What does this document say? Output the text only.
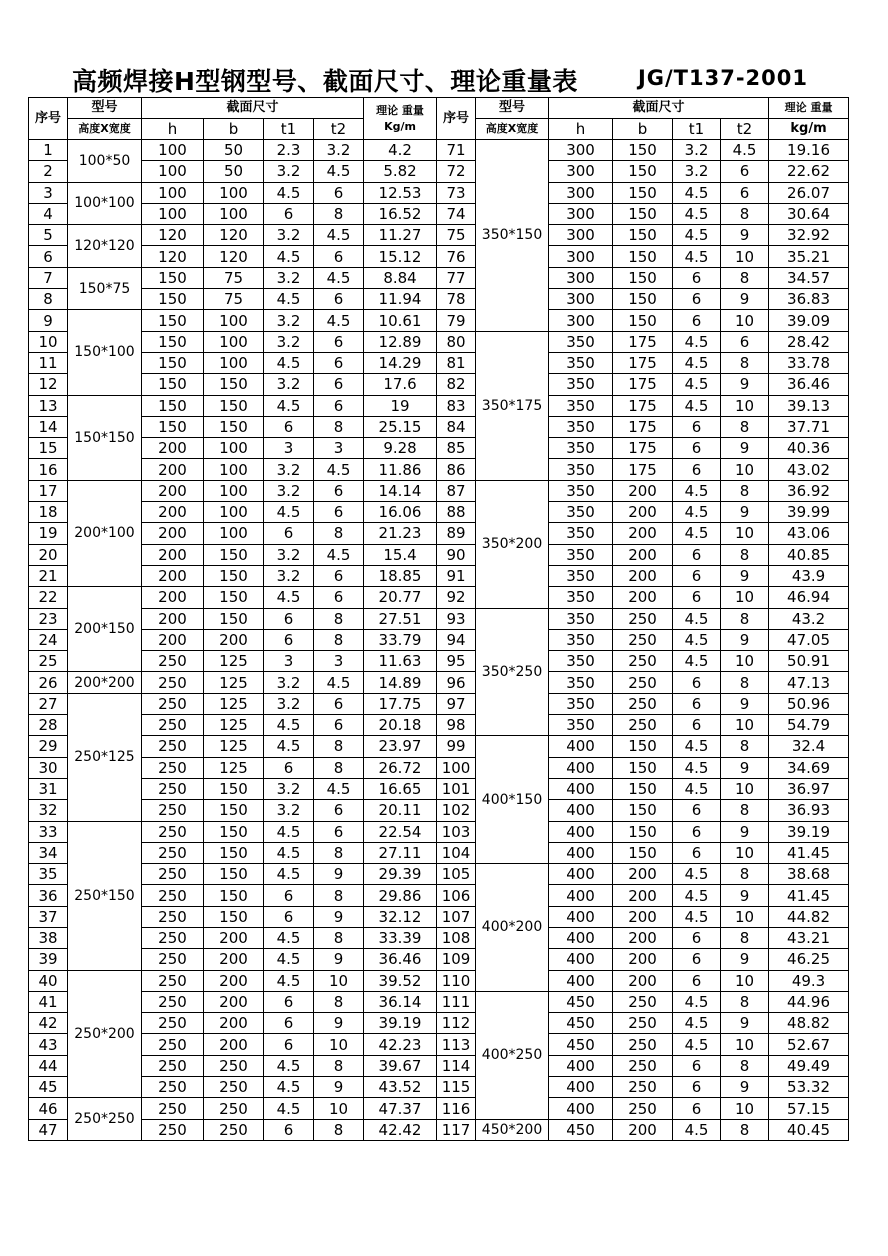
高频焊接H型钢型号、截面尺寸、理论重量表	JG/T137-2001
序号	型号	截面尺寸				理论 重量Kg/m	序号	型号	截面尺寸				理论 重量
	高度X宽度	h	b	t1	t2			高度X宽度	h	b	t1	t2	kg/m
1	100*50	100	50	2.3	3.2	4.2	71	350*150	300	150	3.2	4.5	19.16
2		100	50	3.2	4.5	5.82	72		300	150	3.2	6	22.62
3	100*100	100	100	4.5	6	12.53	73		300	150	4.5	6	26.07
4		100	100	6	8	16.52	74		300	150	4.5	8	30.64
5	120*120	120	120	3.2	4.5	11.27	75		300	150	4.5	9	32.92
6		120	120	4.5	6	15.12	76		300	150	4.5	10	35.21
7	150*75	150	75	3.2	4.5	8.84	77		300	150	6	8	34.57
8		150	75	4.5	6	11.94	78		300	150	6	9	36.83
9	150*100	150	100	3.2	4.5	10.61	79		300	150	6	10	39.09
10		150	100	3.2	6	12.89	80	350*175	350	175	4.5	6	28.42
11		150	100	4.5	6	14.29	81		350	175	4.5	8	33.78
12		150	150	3.2	6	17.6	82		350	175	4.5	9	36.46
13	150*150	150	150	4.5	6	19	83		350	175	4.5	10	39.13
14		150	150	6	8	25.15	84		350	175	6	8	37.71
15		200	100	3	3	9.28	85		350	175	6	9	40.36
16		200	100	3.2	4.5	11.86	86		350	175	6	10	43.02
17	200*100	200	100	3.2	6	14.14	87	350*200	350	200	4.5	8	36.92
18		200	100	4.5	6	16.06	88		350	200	4.5	9	39.99
19		200	100	6	8	21.23	89		350	200	4.5	10	43.06
20		200	150	3.2	4.5	15.4	90		350	200	6	8	40.85
21		200	150	3.2	6	18.85	91		350	200	6	9	43.9
22	200*150	200	150	4.5	6	20.77	92		350	200	6	10	46.94
23		200	150	6	8	27.51	93	350*250	350	250	4.5	8	43.2
24		200	200	6	8	33.79	94		350	250	4.5	9	47.05
25		250	125	3	3	11.63	95		350	250	4.5	10	50.91
26	200*200	250	125	3.2	4.5	14.89	96		350	250	6	8	47.13
27	250*125	250	125	3.2	6	17.75	97		350	250	6	9	50.96
28		250	125	4.5	6	20.18	98		350	250	6	10	54.79
29		250	125	4.5	8	23.97	99	400*150	400	150	4.5	8	32.4
30		250	125	6	8	26.72	100		400	150	4.5	9	34.69
31		250	150	3.2	4.5	16.65	101		400	150	4.5	10	36.97
32		250	150	3.2	6	20.11	102		400	150	6	8	36.93
33	250*150	250	150	4.5	6	22.54	103		400	150	6	9	39.19
34		250	150	4.5	8	27.11	104		400	150	6	10	41.45
35		250	150	4.5	9	29.39	105	400*200	400	200	4.5	8	38.68
36		250	150	6	8	29.86	106		400	200	4.5	9	41.45
37		250	150	6	9	32.12	107		400	200	4.5	10	44.82
38		250	200	4.5	8	33.39	108		400	200	6	8	43.21
39		250	200	4.5	9	36.46	109		400	200	6	9	46.25
40	250*200	250	200	4.5	10	39.52	110		400	200	6	10	49.3
41		250	200	6	8	36.14	111	400*250	450	250	4.5	8	44.96
42		250	200	6	9	39.19	112		450	250	4.5	9	48.82
43		250	200	6	10	42.23	113		450	250	4.5	10	52.67
44		250	250	4.5	8	39.67	114		400	250	6	8	49.49
45		250	250	4.5	9	43.52	115		400	250	6	9	53.32
46	250*250	250	250	4.5	10	47.37	116		400	250	6	10	57.15
47		250	250	6	8	42.42	117	450*200	450	200	4.5	8	40.45
